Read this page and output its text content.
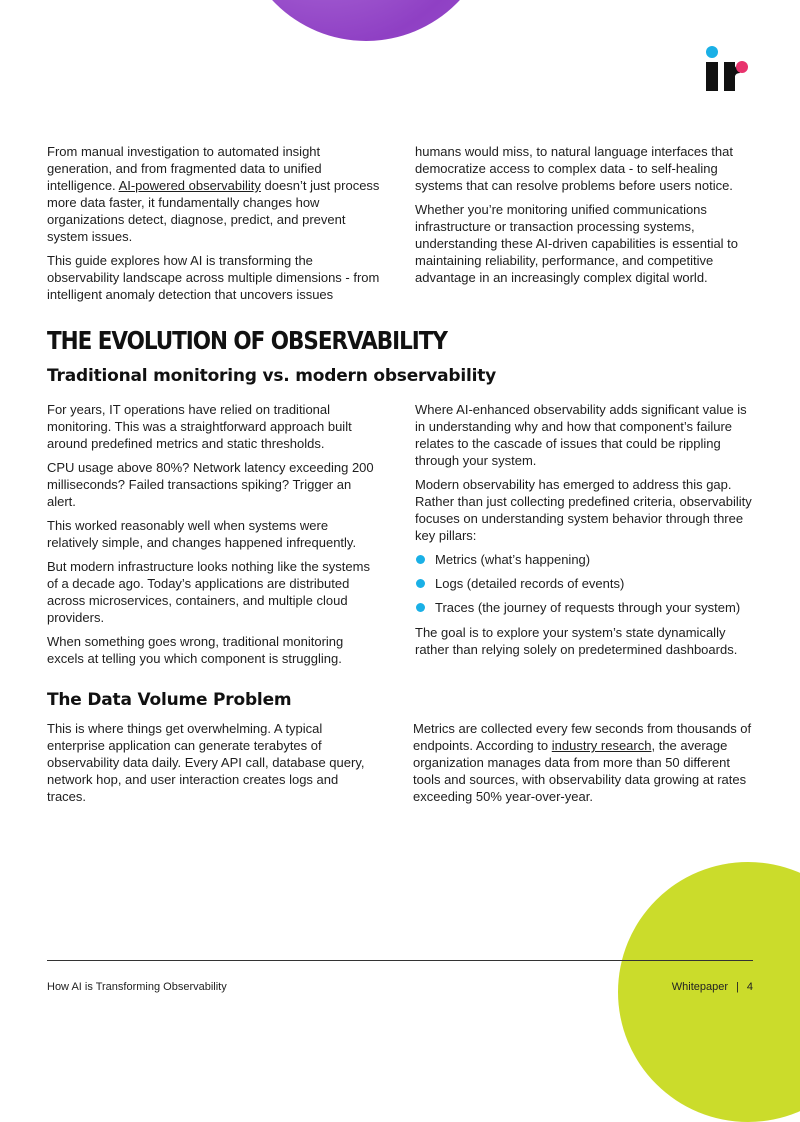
From manual investigation to automated insight generation, and from fragmented data to unified intelligence. AI-powered observability doesn’t just process more data faster, it fundamentally changes how organizations detect, diagnose, predict, and prevent system issues.

This guide explores how AI is transforming the observability landscape across multiple dimensions - from intelligent anomaly detection that uncovers issues

humans would miss, to natural language interfaces that democratize access to complex data - to self-healing systems that can resolve problems before users notice.

Whether you’re monitoring unified communications infrastructure or transaction processing systems, understanding these AI-driven capabilities is essential to maintaining reliability, performance, and competitive advantage in an increasingly complex digital world.

THE EVOLUTION OF OBSERVABILITY
Traditional monitoring vs. modern observability

For years, IT operations have relied on traditional monitoring. This was a straightforward approach built around predefined metrics and static thresholds.

CPU usage above 80%? Network latency exceeding 200 milliseconds? Failed transactions spiking? Trigger an alert.

This worked reasonably well when systems were relatively simple, and changes happened infrequently.

But modern infrastructure looks nothing like the systems of a decade ago. Today’s applications are distributed across microservices, containers, and multiple cloud providers.

When something goes wrong, traditional monitoring excels at telling you which component is struggling.

Where AI-enhanced observability adds significant value is in understanding why and how that component’s failure relates to the cascade of issues that could be rippling through your system.

Modern observability has emerged to address this gap. Rather than just collecting predefined criteria, observability focuses on understanding system behavior through three key pillars:

Metrics (what’s happening)
Logs (detailed records of events)
Traces (the journey of requests through your system)

The goal is to explore your system’s state dynamically rather than relying solely on predetermined dashboards.

The Data Volume Problem

This is where things get overwhelming. A typical enterprise application can generate terabytes of observability data daily. Every API call, database query, network hop, and user interaction creates logs and traces.

Metrics are collected every few seconds from thousands of endpoints. According to industry research, the average organization manages data from more than 50 different tools and sources, with observability data growing at rates exceeding 50% year-over-year.

How AI is Transforming Observability	Whitepaper | 4
